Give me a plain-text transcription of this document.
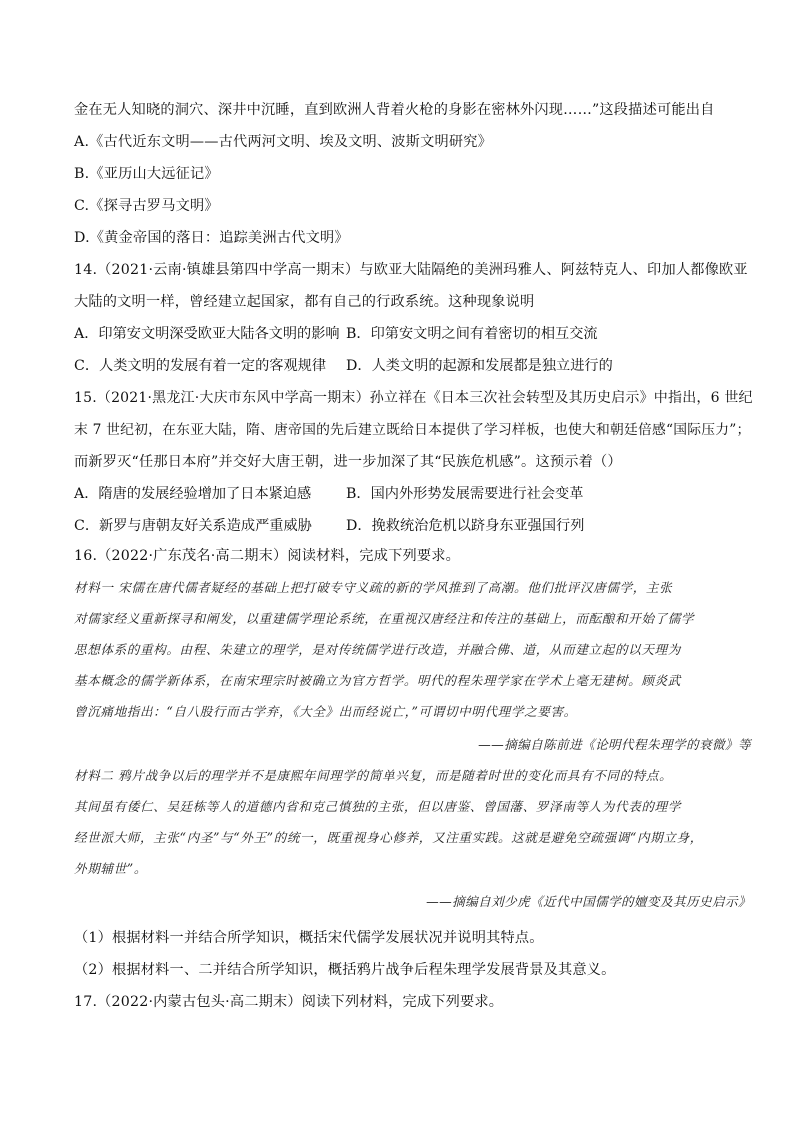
金在无人知晓的洞穴、深井中沉睡，直到欧洲人背着火枪的身影在密林外闪现……”这段描述可能出自
A.《古代近东文明——古代两河文明、埃及文明、波斯文明研究》
B.《亚历山大远征记》
C.《探寻古罗马文明》
D.《黄金帝国的落日：追踪美洲古代文明》
14.（2021·云南·镇雄县第四中学高一期末）与欧亚大陆隔绝的美洲玛雅人、阿兹特克人、印加人都像欧亚
大陆的文明一样，曾经建立起国家，都有自己的行政系统。这种现象说明
A．印第安文明深受欧亚大陆各文明的影响 B．印第安文明之间有着密切的相互交流
C．人类文明的发展有着一定的客观规律 D．人类文明的起源和发展都是独立进行的
15.（2021·黑龙江·大庆市东风中学高一期末）孙立祥在《日本三次社会转型及其历史启示》中指出，6 世纪
末 7 世纪初，在东亚大陆，隋、唐帝国的先后建立既给日本提供了学习样板，也使大和朝廷倍感“国际压力”；
而新罗灭“任那日本府”并交好大唐王朝，进一步加深了其“民族危机感”。这预示着（）
A．隋唐的发展经验增加了日本紧迫感 B．国内外形势发展需要进行社会变革
C．新罗与唐朝友好关系造成严重威胁 D．挽救统治危机以跻身东亚强国行列
16.（2022·广东茂名·高二期末）阅读材料，完成下列要求。
材料一 宋儒在唐代儒者疑经的基础上把打破专守义疏的新的学风推到了高潮。他们批评汉唐儒学，主张
对儒家经义重新探寻和阐发，以重建儒学理论系统，在重视汉唐经注和传注的基础上，而酝酿和开始了儒学
思想体系的重构。由程、朱建立的理学，是对传统儒学进行改造，并融合佛、道，从而建立起的以天理为
基本概念的儒学新体系，在南宋理宗时被确立为官方哲学。明代的程朱理学家在学术上毫无建树。顾炎武
曾沉痛地指出：“自八股行而古学弃，《大全》出而经说亡，”可谓切中明代理学之要害。
——摘编自陈前进《论明代程朱理学的衰微》等
材料二 鸦片战争以后的理学并不是康熙年间理学的简单兴复，而是随着时世的变化而具有不同的特点。
其间虽有倭仁、吴廷栋等人的道德内省和克己慎独的主张，但以唐鉴、曾国藩、罗泽南等人为代表的理学
经世派大师，主张“内圣”与“外王”的统一，既重视身心修养，又注重实践。这就是避免空疏强调“内期立身，
外期辅世”。
——摘编自刘少虎《近代中国儒学的嬗变及其历史启示》
（1）根据材料一并结合所学知识，概括宋代儒学发展状况并说明其特点。
（2）根据材料一、二并结合所学知识，概括鸦片战争后程朱理学发展背景及其意义。
17.（2022·内蒙古包头·高二期末）阅读下列材料，完成下列要求。
